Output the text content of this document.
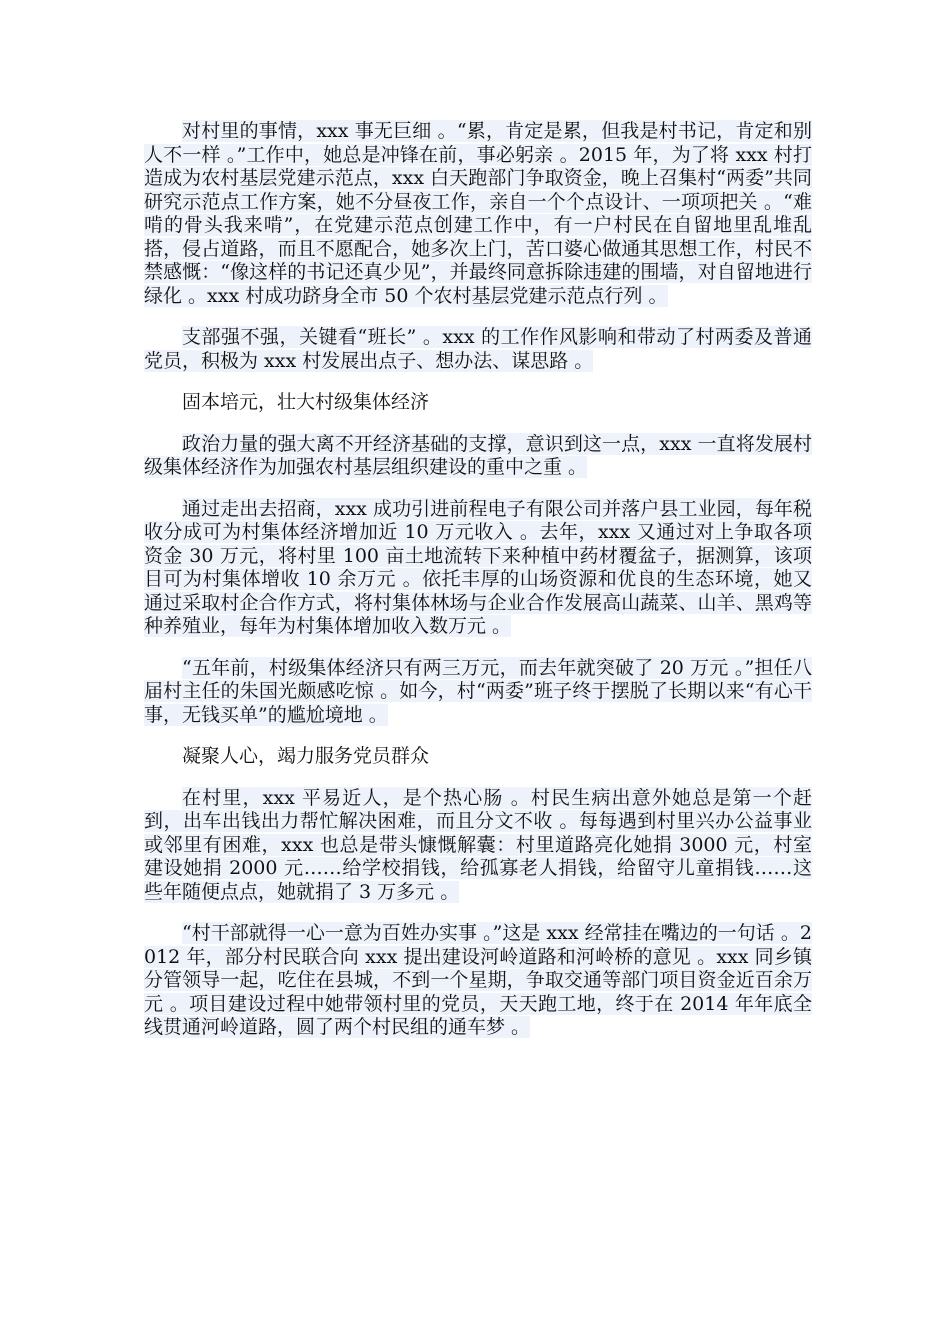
对村里的事情，xxx 事无巨细 。“累，肯定是累，但我是村书记，肯定和别人不一样 。”工作中，她总是冲锋在前，事必躬亲 。2015 年，为了将 xxx 村打造成为农村基层党建示范点，xxx 白天跑部门争取资金，晚上召集村“两委”共同研究示范点工作方案，她不分昼夜工作，亲自一个个点设计、一项项把关 。“难啃的骨头我来啃”，在党建示范点创建工作中，有一户村民在自留地里乱堆乱搭，侵占道路，而且不愿配合，她多次上门，苦口婆心做通其思想工作，村民不禁感慨：“像这样的书记还真少见”，并最终同意拆除违建的围墙，对自留地进行绿化 。xxx 村成功跻身全市 50 个农村基层党建示范点行列 。

支部强不强，关键看“班长” 。xxx 的工作作风影响和带动了村两委及普通党员，积极为 xxx 村发展出点子、想办法、谋思路 。

固本培元，壮大村级集体经济

政治力量的强大离不开经济基础的支撑，意识到这一点，xxx 一直将发展村级集体经济作为加强农村基层组织建设的重中之重 。

通过走出去招商，xxx 成功引进前程电子有限公司并落户县工业园，每年税收分成可为村集体经济增加近 10 万元收入 。去年，xxx 又通过对上争取各项资金 30 万元，将村里 100 亩土地流转下来种植中药材覆盆子，据测算，该项目可为村集体增收 10 余万元 。依托丰厚的山场资源和优良的生态环境，她又通过采取村企合作方式，将村集体林场与企业合作发展高山蔬菜、山羊、黑鸡等种养殖业，每年为村集体增加收入数万元 。

“五年前，村级集体经济只有两三万元，而去年就突破了 20 万元 。”担任八届村主任的朱国光颇感吃惊 。如今，村“两委”班子终于摆脱了长期以来“有心干事，无钱买单”的尴尬境地 。

凝聚人心，竭力服务党员群众

在村里，xxx 平易近人，是个热心肠 。村民生病出意外她总是第一个赶到，出车出钱出力帮忙解决困难，而且分文不收 。每每遇到村里兴办公益事业或邻里有困难，xxx 也总是带头慷慨解囊：村里道路亮化她捐 3000 元，村室建设她捐 2000 元……给学校捐钱，给孤寡老人捐钱，给留守儿童捐钱……这些年随便点点，她就捐了 3 万多元 。

“村干部就得一心一意为百姓办实事 。”这是 xxx 经常挂在嘴边的一句话 。2012 年，部分村民联合向 xxx 提出建设河岭道路和河岭桥的意见 。xxx 同乡镇分管领导一起，吃住在县城，不到一个星期，争取交通等部门项目资金近百余万元 。项目建设过程中她带领村里的党员，天天跑工地，终于在 2014 年年底全线贯通河岭道路，圆了两个村民组的通车梦 。
